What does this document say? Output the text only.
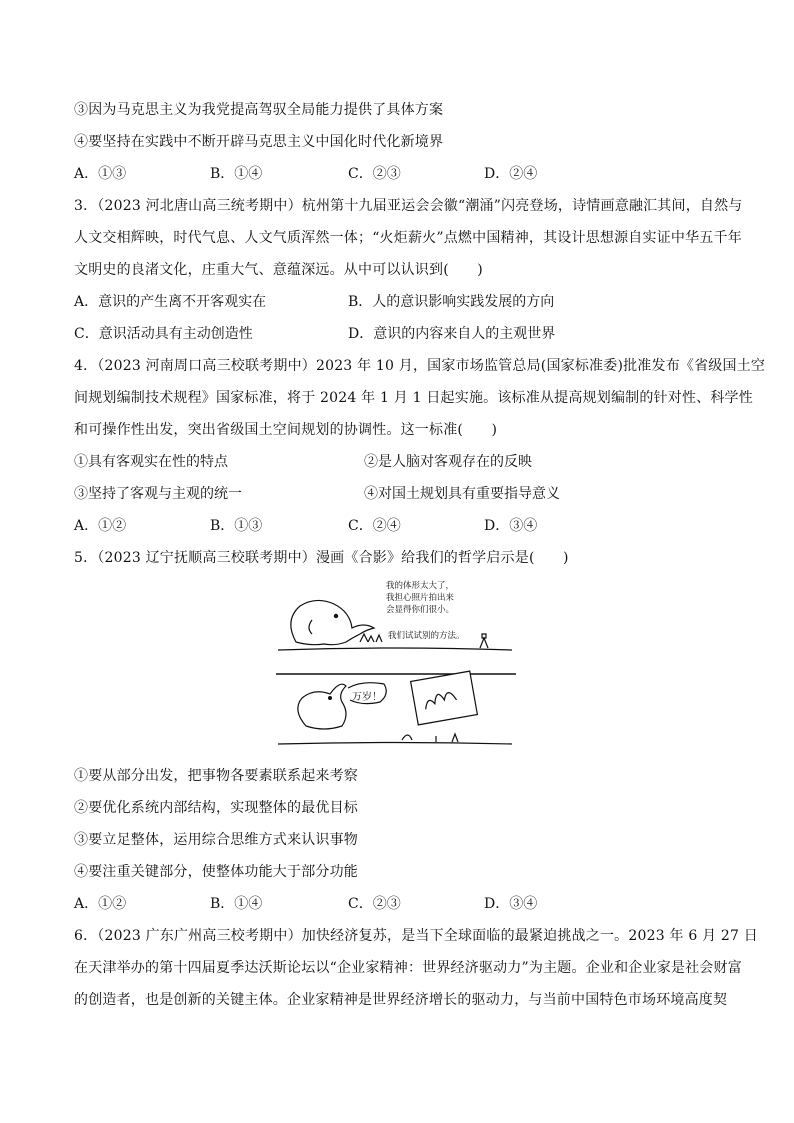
③因为马克思主义为我党提高驾驭全局能力提供了具体方案
④要坚持在实践中不断开辟马克思主义中国化时代化新境界
A．①③	B．①④	C．②③	D．②④
3．（2023 河北唐山高三统考期中）杭州第十九届亚运会会徽“潮涌”闪亮登场，诗情画意融汇其间，自然与
人文交相辉映，时代气息、人文气质浑然一体；“火炬薪火”点燃中国精神，其设计思想源自实证中华五千年
文明史的良渚文化，庄重大气、意蕴深远。从中可以认识到(　　)
A．意识的产生离不开客观实在	B．人的意识影响实践发展的方向
C．意识活动具有主动创造性	D．意识的内容来自人的主观世界
4．（2023 河南周口高三校联考期中）2023 年 10 月，国家市场监管总局(国家标准委)批准发布《省级国土空
间规划编制技术规程》国家标准，将于 2024 年 1 月 1 日起实施。该标准从提高规划编制的针对性、科学性
和可操作性出发，突出省级国土空间规划的协调性。这一标准(　　)
①具有客观实在性的特点	②是人脑对客观存在的反映
③坚持了客观与主观的统一	④对国土规划具有重要指导意义
A．①②	B．①③	C．②④	D．③④
5．（2023 辽宁抚顺高三校联考期中）漫画《合影》给我们的哲学启示是(　　)
我的体形太大了，
我担心照片拍出来
会显得你们很小。
我们试试别的方法。
万岁！
①要从部分出发，把事物各要素联系起来考察
②要优化系统内部结构，实现整体的最优目标
③要立足整体，运用综合思维方式来认识事物
④要注重关键部分，使整体功能大于部分功能
A．①②	B．①④	C．②③	D．③④
6．（2023 广东广州高三校考期中）加快经济复苏，是当下全球面临的最紧迫挑战之一。2023 年 6 月 27 日
在天津举办的第十四届夏季达沃斯论坛以“企业家精神：世界经济驱动力”为主题。企业和企业家是社会财富
的创造者，也是创新的关键主体。企业家精神是世界经济增长的驱动力，与当前中国特色市场环境高度契
